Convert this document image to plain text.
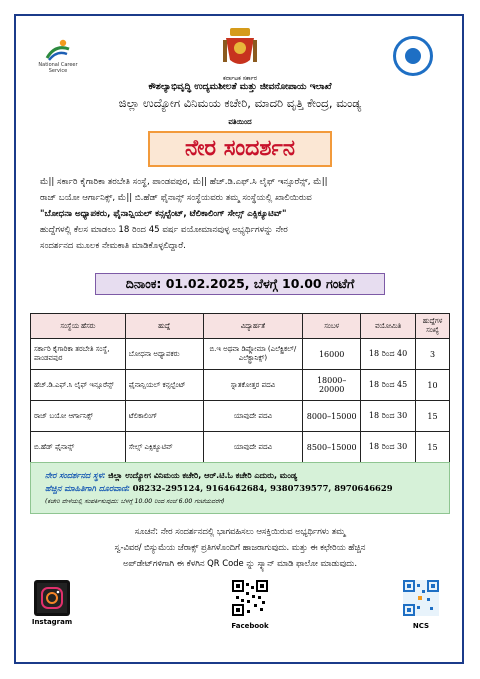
National Career Service
ಕರ್ನಾಟಕ ಸರ್ಕಾರ
ಕೌಶಲ್ಯಾಭಿವೃದ್ಧಿ ಉದ್ಯಮಶೀಲತೆ ಮತ್ತು ಜೀವನೋಪಾಯ ಇಲಾಖೆ
ಜಿಲ್ಲಾ ಉದ್ಯೋಗ ವಿನಿಮಯ ಕಚೇರಿ, ಮಾದರಿ ವೃತ್ತಿ ಕೇಂದ್ರ, ಮಂಡ್ಯ
ವತಿಯಿಂದ
ನೇರ ಸಂದರ್ಶನ
ಮೆ|| ಸರ್ಕಾರಿ ಕೈಗಾರಿಕಾ ತರಬೇತಿ ಸಂಸ್ಥೆ, ಪಾಂಡವಪುರ, ಮೆ|| ಹೆಚ್.ಡಿ.ಎಫ್.ಸಿ ಲೈಫ್ ಇನ್ಸೂರೆನ್ಸ್, ಮೆ||
ರಾಜ್ ಬಯೋ ಆರ್ಗಾನಿಕ್ಸ್, ಮೆ|| ಬಿ.ಹೆಡ್ ಫೈನಾನ್ಸ್ ಸಂಸ್ಥೆಯವರು ತಮ್ಮ ಸಂಸ್ಥೆಯಲ್ಲಿ ಖಾಲಿಯಿರುವ
"ಬೋಧನಾ ಅಧ್ಯಾಪಕರು, ಫೈನಾನ್ಷಿಯಲ್ ಕನ್ಸಲ್ಟೆಂಟ್, ಟೆಲಿಕಾಲಿಂಗ್ ಸೇಲ್ಸ್ ಎಕ್ಸಿಕ್ಯೂಟಿವ್"
ಹುದ್ದೆಗಳಲ್ಲಿ ಕೆಲಸ ಮಾಡಲು 18 ರಿಂದ 45 ವರ್ಷ ವಯೋಮಾನವುಳ್ಳ ಅಭ್ಯರ್ಥಿಗಳನ್ನು ನೇರ
ಸಂದರ್ಶನದ ಮೂಲಕ ನೇಮಕಾತಿ ಮಾಡಿಕೊಳ್ಳಲಿದ್ದಾರೆ.
ದಿನಾಂಕ: 01.02.2025, ಬೆಳಗ್ಗೆ 10.00 ಗಂಟೆಗೆ
ಸಂಸ್ಥೆಯ ಹೆಸರು	ಹುದ್ದೆ	ವಿದ್ಯಾರ್ಹತೆ	ಸಂಬಳ	ವಯೋಮಿತಿ	ಹುದ್ದೆಗಳ ಸಂಖ್ಯೆ
ಸರ್ಕಾರಿ ಕೈಗಾರಿಕಾ ತರಬೇತಿ ಸಂಸ್ಥೆ, ಪಾಂಡವಪುರ	ಬೋಧನಾ ಅಧ್ಯಾಪಕರು	ಬಿ.ಇ ಅಥವಾ ಡಿಪ್ಲೋಮಾ (ಎಲೆಕ್ಟ್ರಿಕಲ್/ಎಲೆಕ್ಟ್ರಾನಿಕ್ಸ್)	16000	18 ರಿಂದ 40	3
ಹೆಚ್.ಡಿ.ಎಫ್.ಸಿ ಲೈಫ್ ಇನ್ಸೂರೆನ್ಸ್	ಫೈನಾನ್ಷಿಯಲ್ ಕನ್ಸಲ್ಟೆಂಟ್	ಸ್ನಾತಕೋತ್ತರ ಪದವಿ	18000–20000	18 ರಿಂದ 45	10
ರಾಜ್ ಬಯೋ ಆರ್ಗಾನಿಕ್ಸ್	ಟೆಲಿಕಾಲಿಂಗ್	ಯಾವುದೇ ಪದವಿ	8000–15000	18 ರಿಂದ 30	15
ಬಿ.ಹೆಡ್ ಫೈನಾನ್ಸ್	ಸೇಲ್ಸ್ ಎಕ್ಸಿಕ್ಯೂಟಿವ್	ಯಾವುದೇ ಪದವಿ	8500–15000	18 ರಿಂದ 30	15
ನೇರ ಸಂದರ್ಶನದ ಸ್ಥಳ: ಜಿಲ್ಲಾ ಉದ್ಯೋಗ ವಿನಿಮಯ ಕಚೇರಿ, ಆರ್.ಟಿ.ಓ ಕಚೇರಿ ಎದುರು, ಮಂಡ್ಯ
ಹೆಚ್ಚಿನ ಮಾಹಿತಿಗಾಗಿ ದೂರವಾಣಿ: 08232-295124, 9164642684, 9380739577, 8970646629
(ಕಚೇರಿ ವೇಳೆಯಲ್ಲಿ ಸಂಪರ್ಕಿಸುವುದು: ಬೆಳಗ್ಗೆ 10.00 ರಿಂದ ಸಂಜೆ 6.00 ಗಂಟೆಯವರೆಗೆ)
ಸೂಚನೆ: ನೇರ ಸಂದರ್ಶನದಲ್ಲಿ ಭಾಗವಹಿಸಲು ಆಸಕ್ತಿಯಿರುವ ಅಭ್ಯರ್ಥಿಗಳು ತಮ್ಮ
ಸ್ವ-ವಿವರ/ ಬಿಸ್ಯುಮೆಯ ಜೆರಾಕ್ಸ್ ಪ್ರತಿಗಳೊಂದಿಗೆ ಹಾಜರಾಗುವುದು. ಮತ್ತು ಈ ಕಛೇರಿಯ ಹೆಚ್ಚಿನ
ಅಪ್‌ಡೇಟ್‌ಗಳಿಗಾಗಿ ಈ ಕೆಳಗಿನ QR Code ನ್ನು ಸ್ಕ್ಯಾನ್ ಮಾಡಿ ಫಾಲೋ ಮಾಡುವುದು.
Instagram	Facebook	NCS
